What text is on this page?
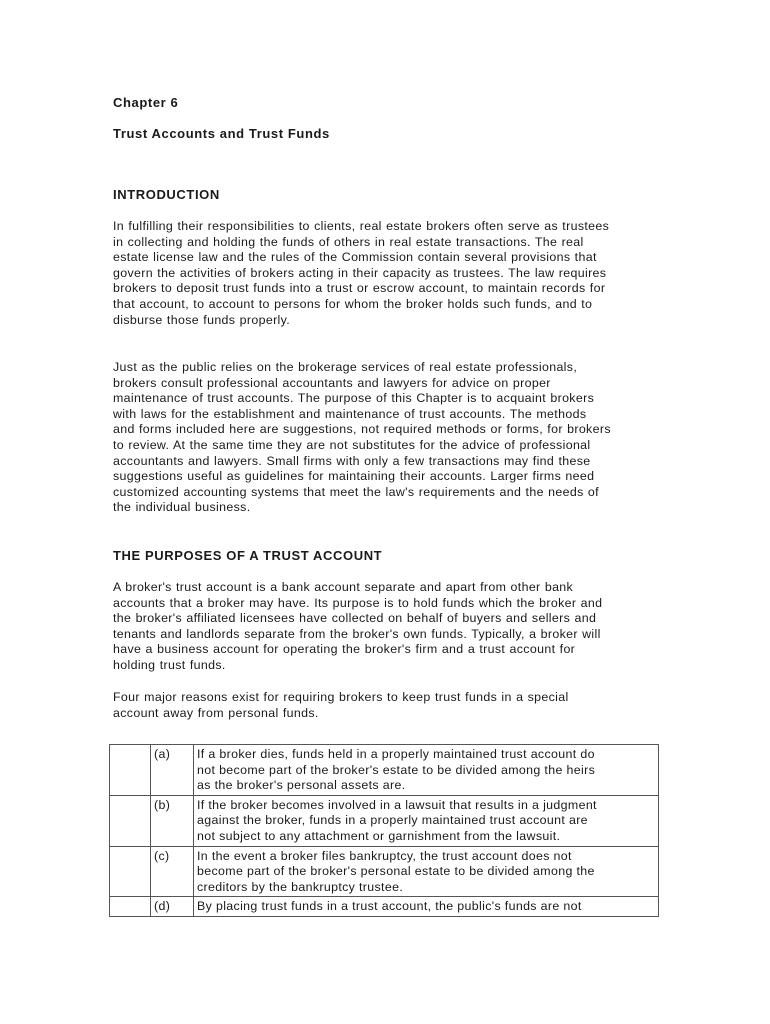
Chapter 6
Trust Accounts and Trust Funds
INTRODUCTION
In fulfilling their responsibilities to clients, real estate brokers often serve as trustees
in collecting and holding the funds of others in real estate transactions. The real
estate license law and the rules of the Commission contain several provisions that
govern the activities of brokers acting in their capacity as trustees. The law requires
brokers to deposit trust funds into a trust or escrow account, to maintain records for
that account, to account to persons for whom the broker holds such funds, and to
disburse those funds properly.
Just as the public relies on the brokerage services of real estate professionals,
brokers consult professional accountants and lawyers for advice on proper
maintenance of trust accounts. The purpose of this Chapter is to acquaint brokers
with laws for the establishment and maintenance of trust accounts. The methods
and forms included here are suggestions, not required methods or forms, for brokers
to review. At the same time they are not substitutes for the advice of professional
accountants and lawyers. Small firms with only a few transactions may find these
suggestions useful as guidelines for maintaining their accounts. Larger firms need
customized accounting systems that meet the law's requirements and the needs of
the individual business.
THE PURPOSES OF A TRUST ACCOUNT
A broker's trust account is a bank account separate and apart from other bank
accounts that a broker may have. Its purpose is to hold funds which the broker and
the broker's affiliated licensees have collected on behalf of buyers and sellers and
tenants and landlords separate from the broker's own funds. Typically, a broker will
have a business account for operating the broker's firm and a trust account for
holding trust funds.
Four major reasons exist for requiring brokers to keep trust funds in a special
account away from personal funds.
	(a)	If a broker dies, funds held in a properly maintained trust account do
not become part of the broker's estate to be divided among the heirs
as the broker's personal assets are.

	(b)	If the broker becomes involved in a lawsuit that results in a judgment
against the broker, funds in a properly maintained trust account are
not subject to any attachment or garnishment from the lawsuit.

	(c)	In the event a broker files bankruptcy, the trust account does not
become part of the broker's personal estate to be divided among the
creditors by the bankruptcy trustee.

	(d)	By placing trust funds in a trust account, the public's funds are not
